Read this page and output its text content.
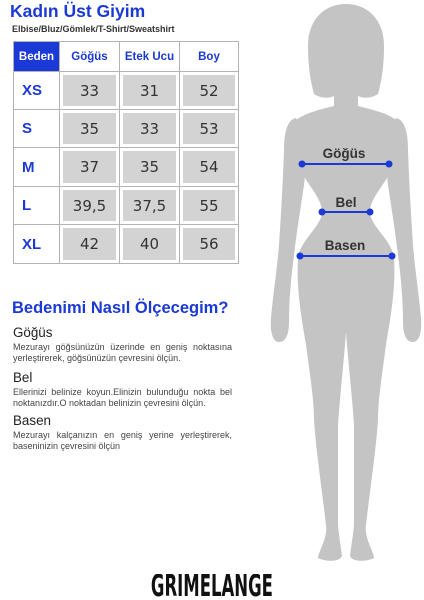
Kadın Üst Giyim
Elbise/Bluz/Gömlek/T-Shirt/Sweatshirt
Beden	Göğüs	Etek Ucu	Boy
XS	33	31	52
S	35	33	53
M	37	35	54
L	39,5	37,5	55
XL	42	40	56
Bedenimi Nasıl Ölçecegim?
Göğüs
Mezurayı göğsünüzün üzerinde en geniş noktasına yerleştirerek, göğsünüzün çevresini ölçün.
Bel
Ellerinizi belinize koyun.Elinizin bulunduğu nokta bel noktanızdır.O noktadan belinizin çevresini ölçün.
Basen
Mezurayı kalçanızın en geniş yerine yerleştirerek, baseninizin çevresini ölçün
Göğüs
Bel
Basen
GRIMELANGE
